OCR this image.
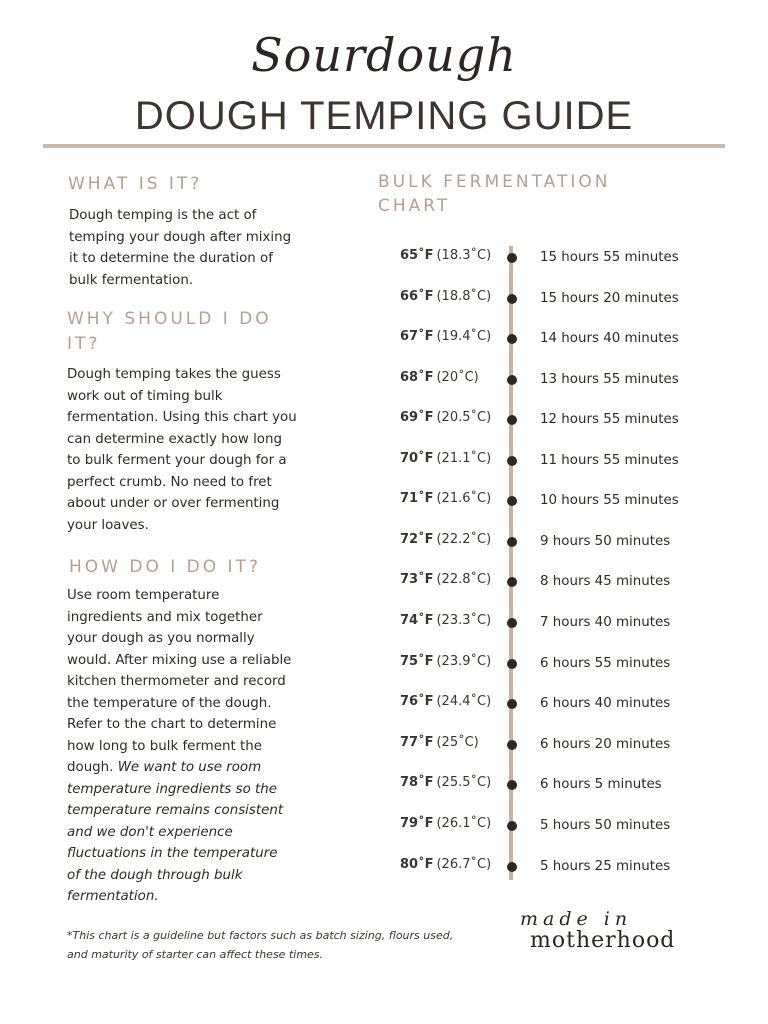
Sourdough
DOUGH TEMPING GUIDE
WHAT IS IT?
Dough temping is the act of
temping your dough after mixing
it to determine the duration of
bulk fermentation.
WHY SHOULD I DO
IT?
Dough temping takes the guess
work out of timing bulk
fermentation. Using this chart you
can determine exactly how long
to bulk ferment your dough for a
perfect crumb. No need to fret
about under or over fermenting
your loaves.
HOW DO I DO IT?
Use room temperature
ingredients and mix together
your dough as you normally
would. After mixing use a reliable
kitchen thermometer and record
the temperature of the dough.
Refer to the chart to determine
how long to bulk ferment the
dough. We want to use room
temperature ingredients so the
temperature remains consistent
and we don't experience
fluctuations in the temperature
of the dough through bulk
fermentation.
BULK FERMENTATION
CHART
65˚F (18.3˚C)	15 hours 55 minutes
66˚F (18.8˚C)	15 hours 20 minutes
67˚F (19.4˚C)	14 hours 40 minutes
68˚F (20˚C)	13 hours 55 minutes
69˚F (20.5˚C)	12 hours 55 minutes
70˚F (21.1˚C)	11 hours 55 minutes
71˚F (21.6˚C)	10 hours 55 minutes
72˚F (22.2˚C)	9 hours 50 minutes
73˚F (22.8˚C)	8 hours 45 minutes
74˚F (23.3˚C)	7 hours 40 minutes
75˚F (23.9˚C)	6 hours 55 minutes
76˚F (24.4˚C)	6 hours 40 minutes
77˚F (25˚C)	6 hours 20 minutes
78˚F (25.5˚C)	6 hours 5 minutes
79˚F (26.1˚C)	5 hours 50 minutes
80˚F (26.7˚C)	5 hours 25 minutes
*This chart is a guideline but factors such as batch sizing, flours used,
and maturity of starter can affect these times.
made in
motherhood
